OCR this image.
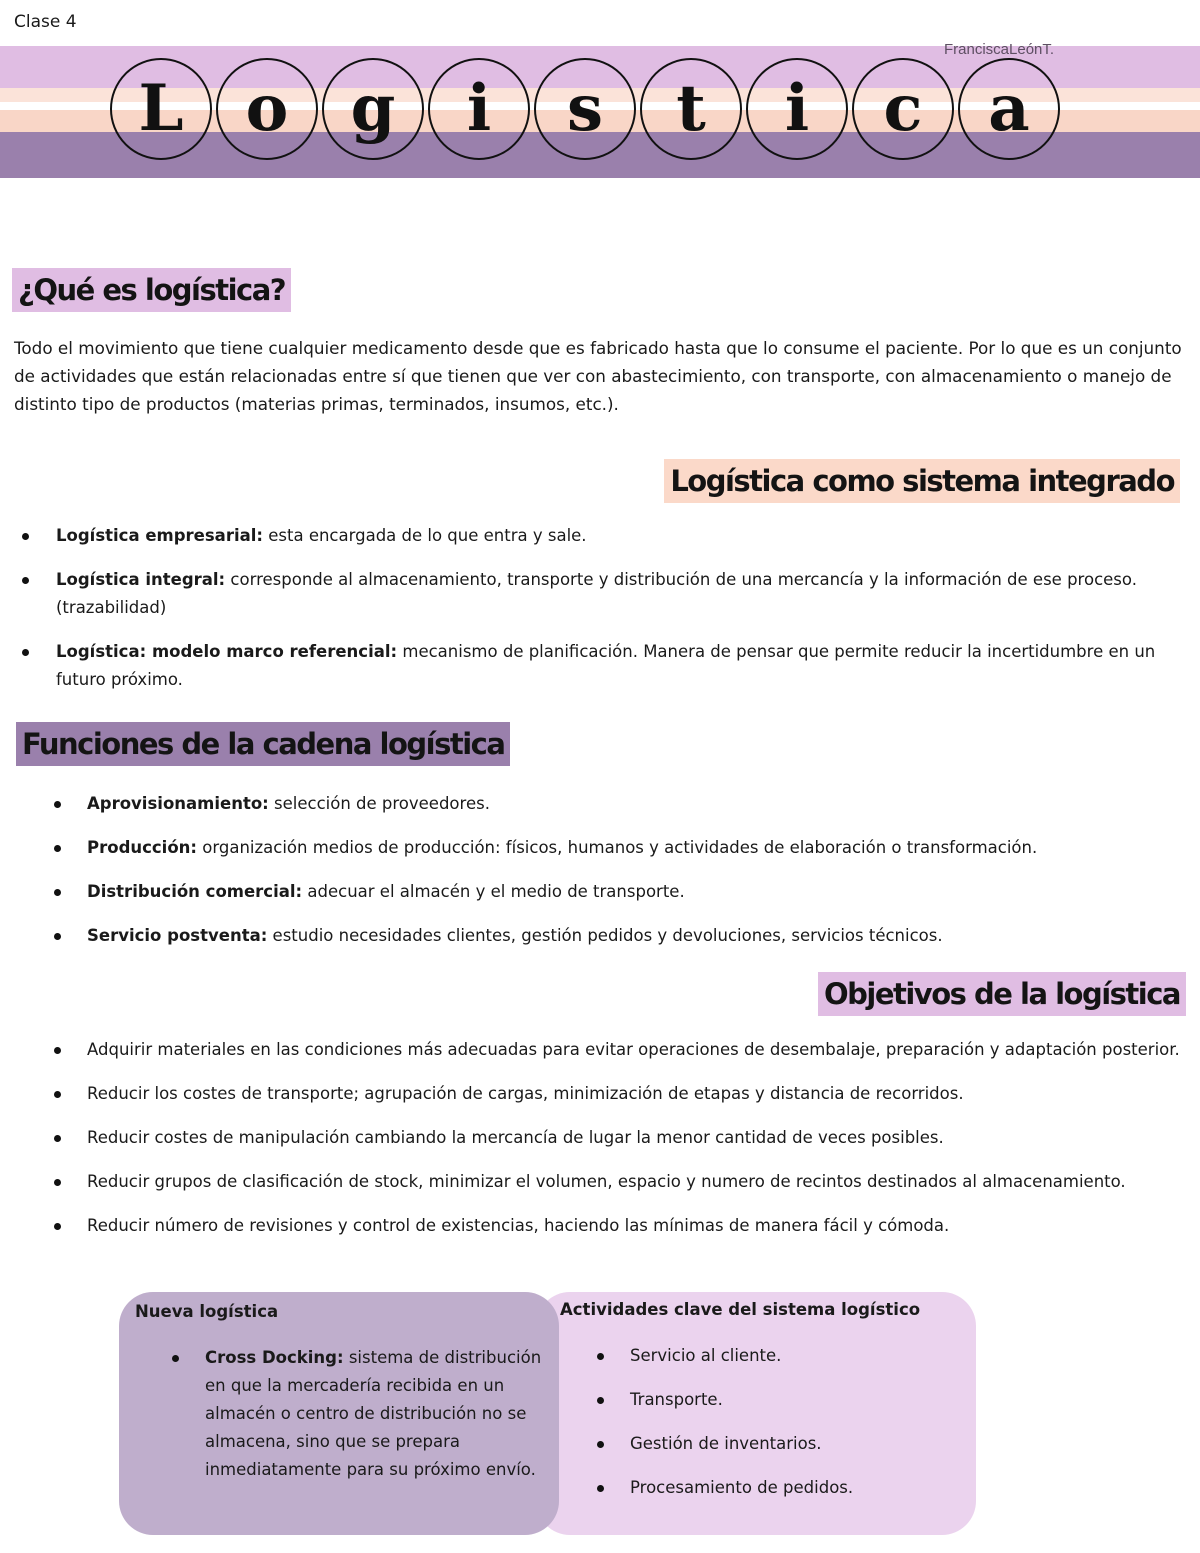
Clase 4
FranciscaLeónT.
L o g	i	s	t	i	c	a
¿Qué es logística?
Todo el movimiento que tiene cualquier medicamento desde que es fabricado hasta que lo consume el paciente. Por lo que es un conjunto de actividades que están relacionadas entre sí que tienen que ver con abastecimiento, con transporte, con almacenamiento o manejo de distinto tipo de productos (materias primas, terminados, insumos, etc.).
Logística como sistema integrado
Logística empresarial: esta encargada de lo que entra y sale.
Logística integral: corresponde al almacenamiento, transporte y distribución de una mercancía y la información de ese proceso. (trazabilidad)
Logística: modelo marco referencial: mecanismo de planificación. Manera de pensar que permite reducir la incertidumbre en un futuro próximo.
Funciones de la cadena logística
Aprovisionamiento: selección de proveedores.
Producción: organización medios de producción: físicos, humanos y actividades de elaboración o transformación.
Distribución comercial: adecuar el almacén y el medio de transporte.
Servicio postventa: estudio necesidades clientes, gestión pedidos y devoluciones, servicios técnicos.
Objetivos de la logística
Adquirir materiales en las condiciones más adecuadas para evitar operaciones de desembalaje, preparación y adaptación posterior.
Reducir los costes de transporte; agrupación de cargas, minimización de etapas y distancia de recorridos.
Reducir costes de manipulación cambiando la mercancía de lugar la menor cantidad de veces posibles.
Reducir grupos de clasificación de stock, minimizar el volumen, espacio y numero de recintos destinados al almacenamiento.
Reducir número de revisiones y control de existencias, haciendo las mínimas de manera fácil y cómoda.
Actividades clave del sistema logístico
Servicio al cliente.
Transporte.
Gestión de inventarios.
Procesamiento de pedidos.
Nueva logística
Cross Docking: sistema de distribución en que la mercadería recibida en un almacén o centro de distribución no se almacena, sino que se prepara inmediatamente para su próximo envío.
